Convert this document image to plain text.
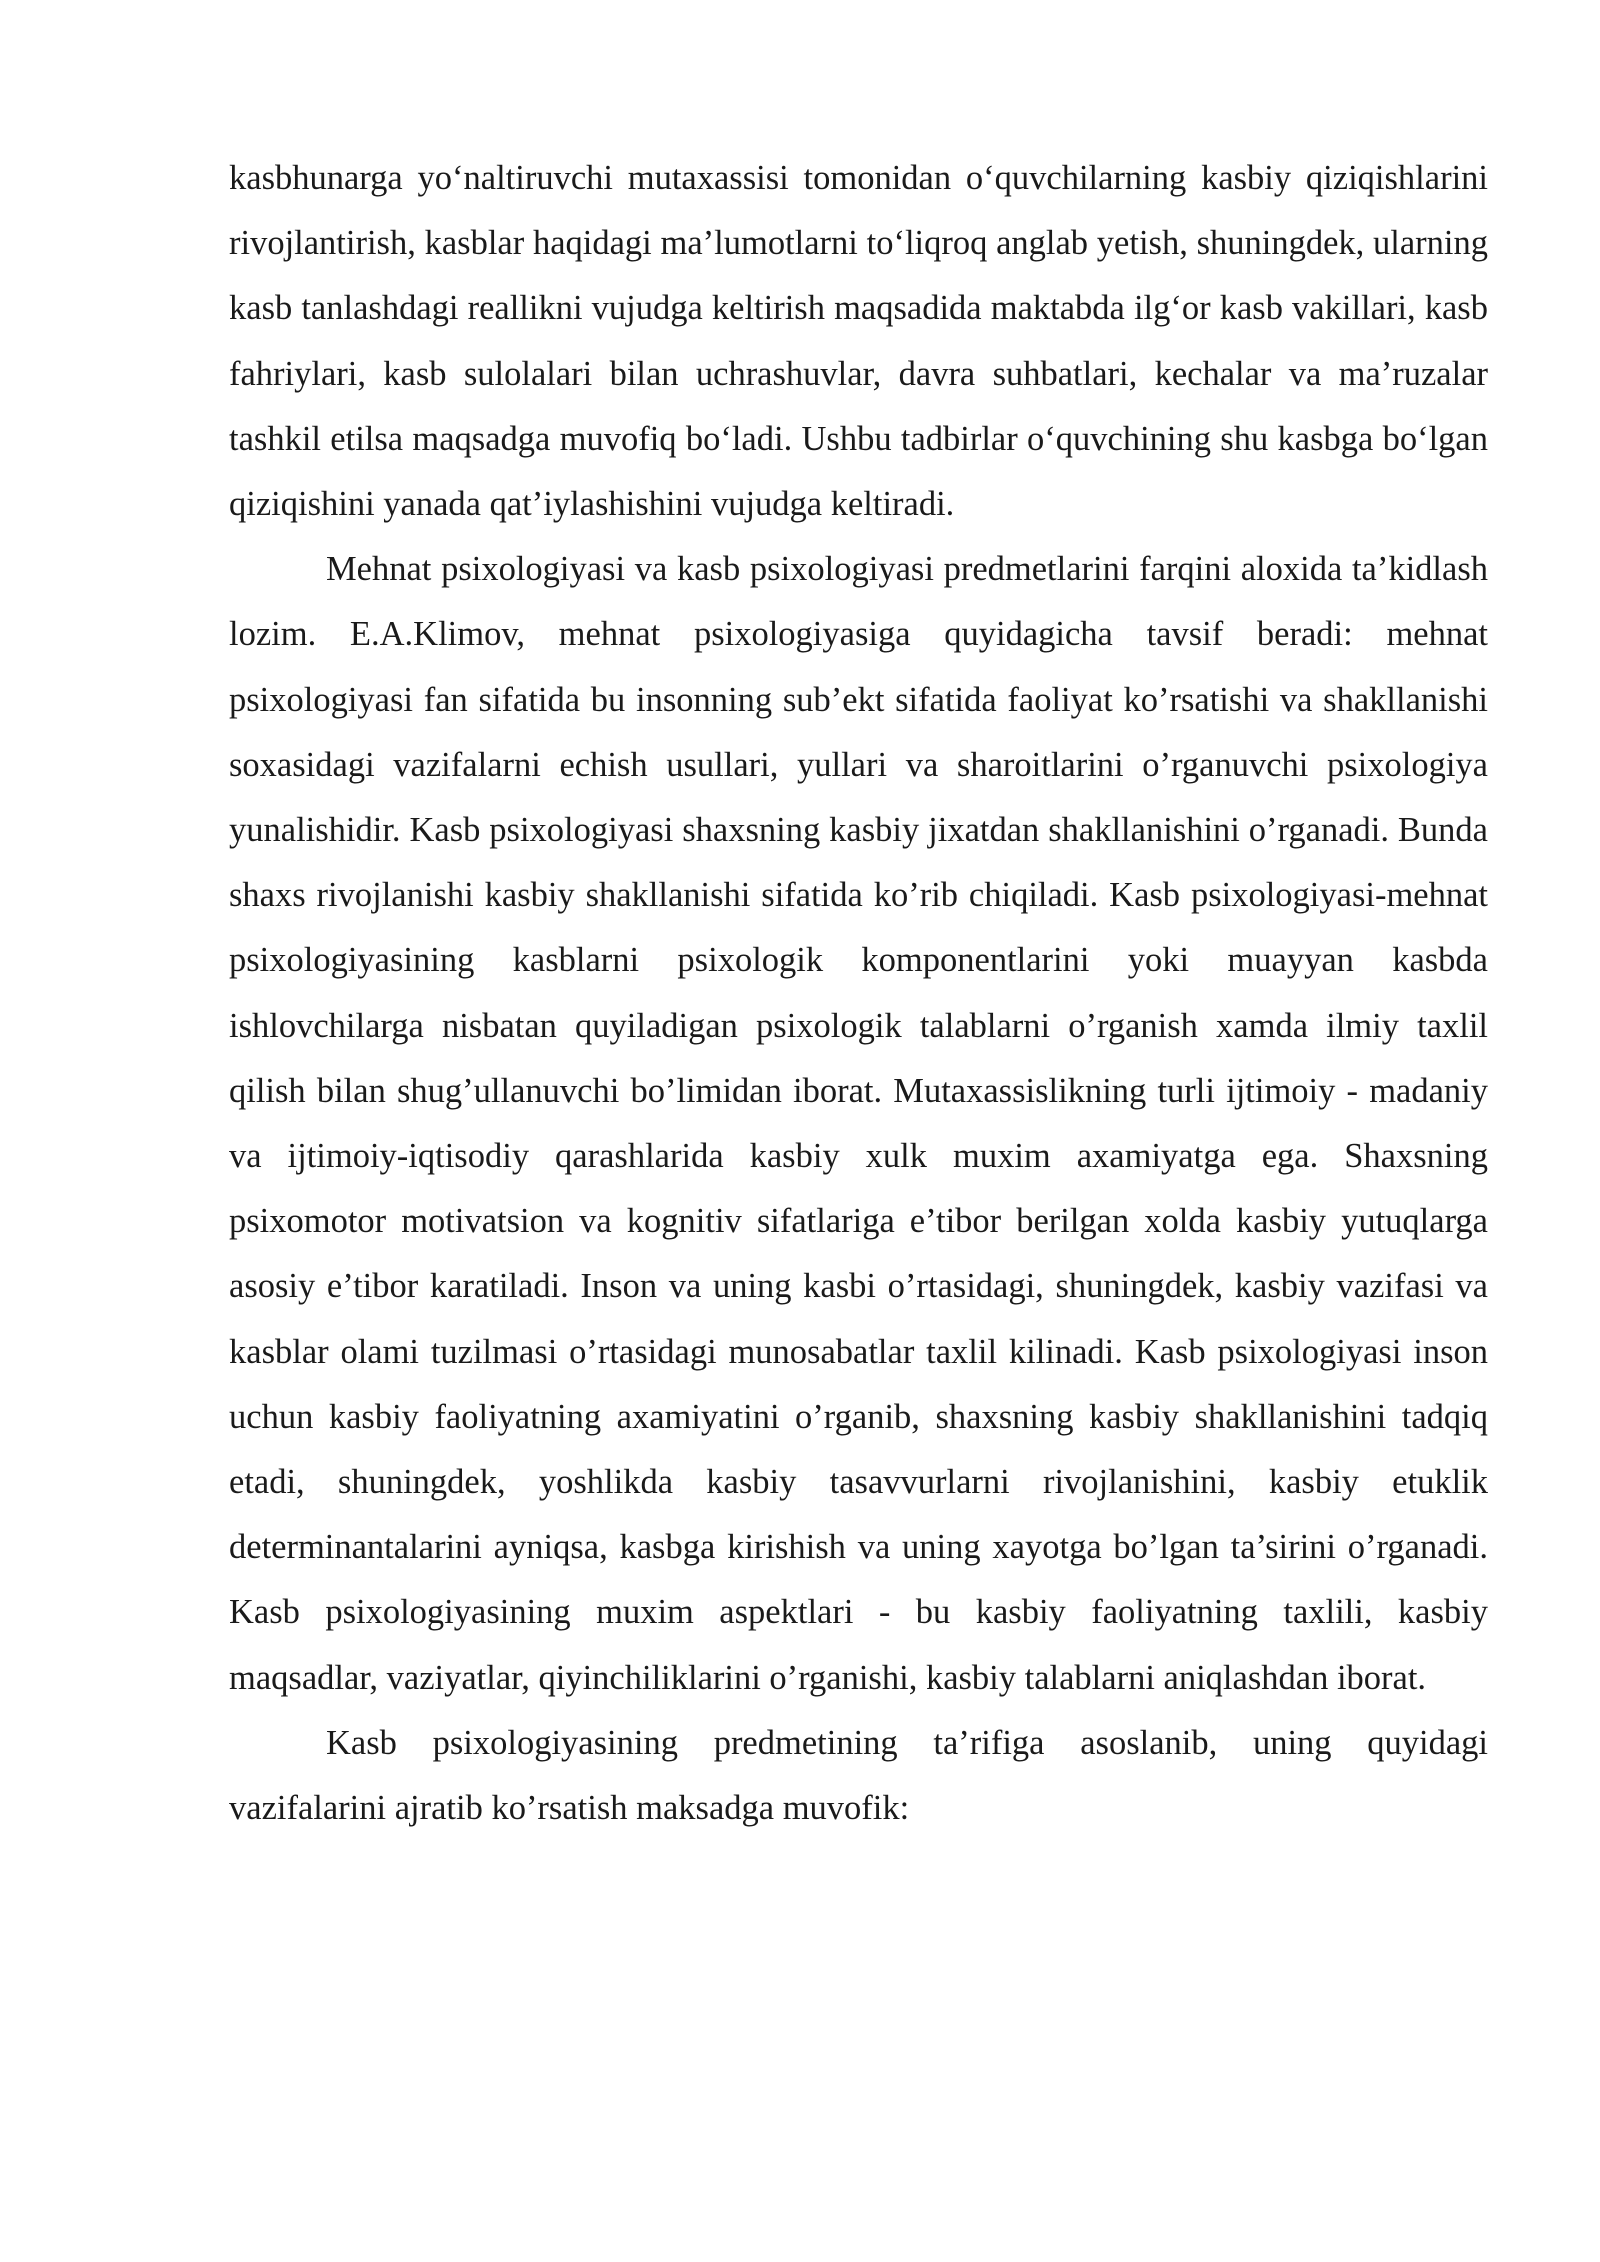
kasbhunarga yo‘naltiruvchi mutaxassisi tomonidan o‘quvchilarning kasbiy qiziqishlarini rivojlantirish, kasblar haqidagi ma’lumotlarni to‘liqroq anglab yetish, shuningdek, ularning kasb tanlashdagi reallikni vujudga keltirish maqsadida maktabda ilg‘or kasb vakillari, kasb fahriylari, kasb sulolalari bilan uchrashuvlar, davra suhbatlari, kechalar va ma’ruzalar tashkil etilsa maqsadga muvofiq bo‘ladi. Ushbu tadbirlar o‘quvchining shu kasbga bo‘lgan qiziqishini yanada qat’iylashishini vujudga keltiradi.

Mehnat psixologiyasi va kasb psixologiyasi predmetlarini farqini aloxida ta’kidlash lozim. E.A.Klimov, mehnat psixologiyasiga quyidagicha tavsif beradi: mehnat psixologiyasi fan sifatida bu insonning sub’ekt sifatida faoliyat ko’rsatishi va shakllanishi soxasidagi vazifalarni echish usullari, yullari va sharoitlarini o’rganuvchi psixologiya yunalishidir. Kasb psixologiyasi shaxsning kasbiy jixatdan shakllanishini o’rganadi. Bunda shaxs rivojlanishi kasbiy shakllanishi sifatida ko’rib chiqiladi. Kasb psixologiyasi-mehnat psixologiyasining kasblarni psixologik komponentlarini yoki muayyan kasbda ishlovchilarga nisbatan quyiladigan psixologik talablarni o’rganish xamda ilmiy taxlil qilish bilan shug’ullanuvchi bo’limidan iborat. Mutaxassislikning turli ijtimoiy - madaniy va ijtimoiy-iqtisodiy qarashlarida kasbiy xulk muxim axamiyatga ega. Shaxsning psixomotor motivatsion va kognitiv sifatlariga e’tibor berilgan xolda kasbiy yutuqlarga asosiy e’tibor karatiladi. Inson va uning kasbi o’rtasidagi, shuningdek, kasbiy vazifasi va kasblar olami tuzilmasi o’rtasidagi munosabatlar taxlil kilinadi. Kasb psixologiyasi inson uchun kasbiy faoliyatning axamiyatini o’rganib, shaxsning kasbiy shakllanishini tadqiq etadi, shuningdek, yoshlikda kasbiy tasavvurlarni rivojlanishini, kasbiy etuklik determinantalarini ayniqsa, kasbga kirishish va uning xayotga bo’lgan ta’sirini o’rganadi. Kasb psixologiyasining muxim aspektlari - bu kasbiy faoliyatning taxlili, kasbiy maqsadlar, vaziyatlar, qiyinchiliklarini o’rganishi, kasbiy talablarni aniqlashdan iborat.

Kasb psixologiyasining predmetining ta’rifiga asoslanib, uning quyidagi vazifalarini ajratib ko’rsatish maksadga muvofik:
